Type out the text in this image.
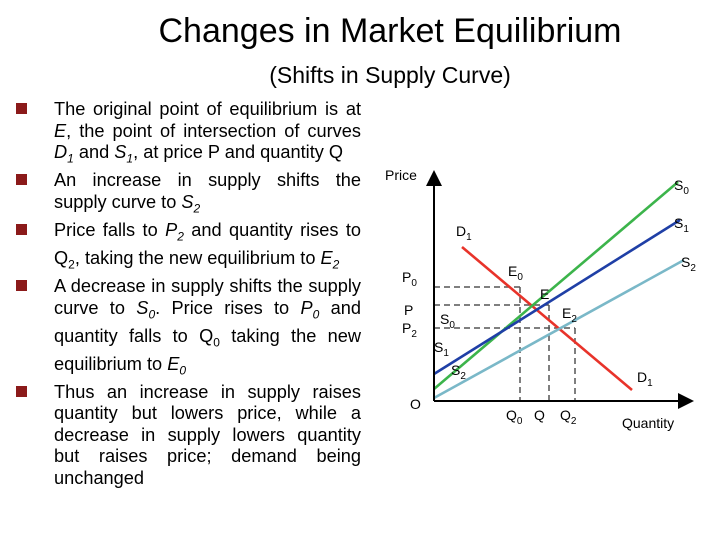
Changes in Market Equilibrium
(Shifts in Supply Curve)
The original point of equilibrium is at E, the point of intersection of curves $D_1$ and $S_1$, at price P and quantity Q
An increase in supply shifts the supply curve to $S_2$
Price falls to $P_2$ and quantity rises to $Q_2$, taking the new equilibrium to $E_2$
A decrease in supply shifts the supply curve to $S_0$. Price rises to $P_0$ and quantity falls to $Q_0$ taking the new equilibrium to $E_0$
Thus an increase in supply raises quantity but lowers price, while a decrease in supply lowers quantity but raises price; demand being unchanged
Price
Quantity
O
$S_0$
$S_1$
$S_2$
$D_1$
$D_1$
$E_0$
E
$E_2$
$P_0$
P
$P_2$
$S_0$
$S_1$
$S_2$
$Q_0$ Q $Q_2$
